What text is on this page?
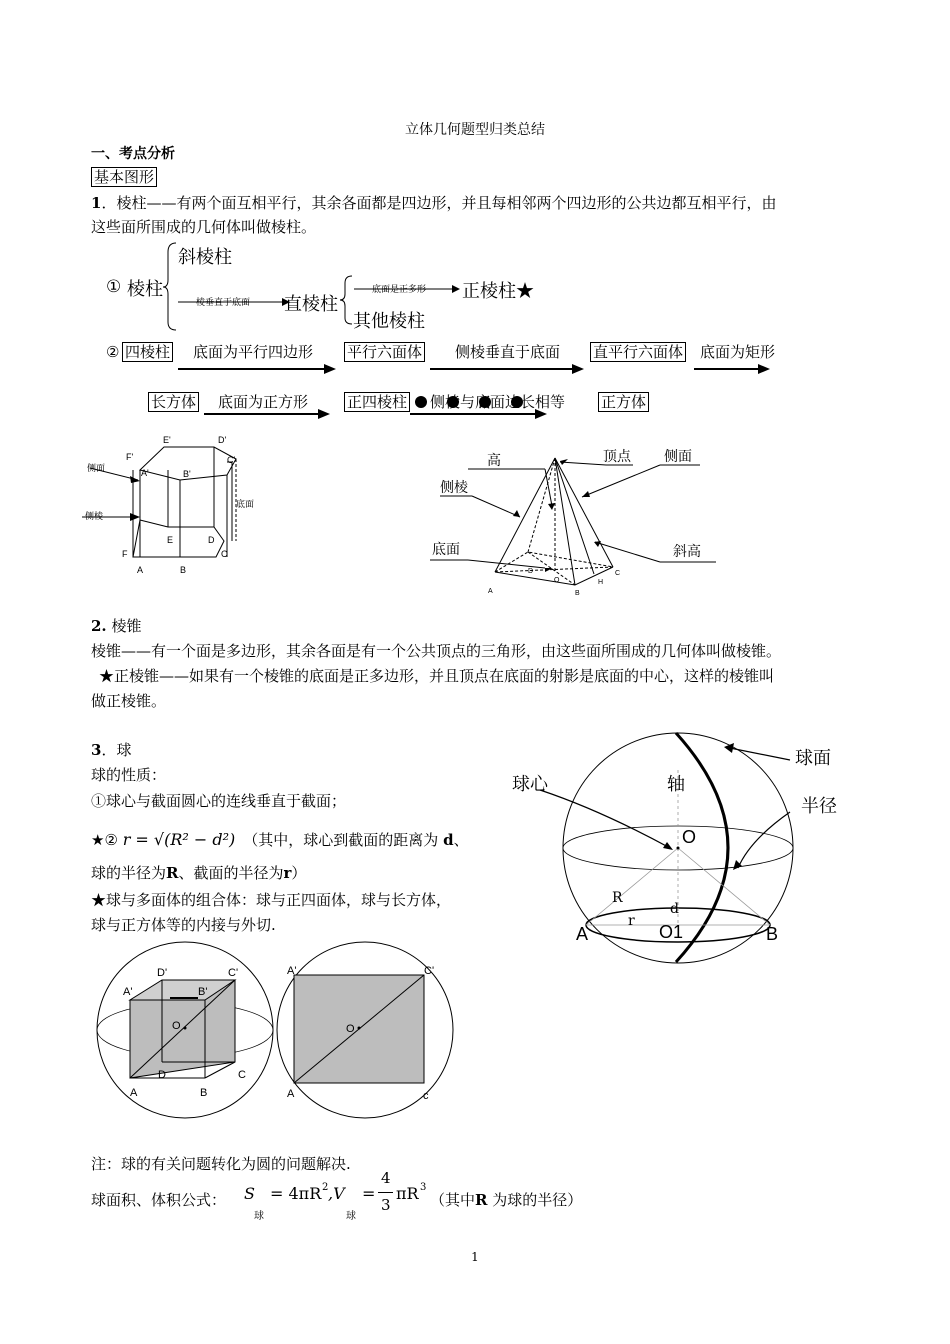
立体几何题型归类总结
一、考点分析
基本图形
1．棱柱——有两个面互相平行，其余各面都是四边形，并且每相邻两个四边形的公共边都互相平行，由
这些面所围成的几何体叫做棱柱。
① 棱柱
斜棱柱
棱垂直于底面 直棱柱
底面是正多形 正棱柱★
其他棱柱
② 四棱柱 底面为平行四边形 平行六面体 侧棱垂直于底面 直平行六面体 底面为矩形
长方体 底面为正方形	正四棱柱 侧棱与底面边长相等 正方体
E'	D'
F'	C'
A'	B'
E	D
F	C
A	B
侧面
侧棱
底面
高	顶点 侧面
侧棱
底面	斜高
D
O	H
C
A	B
2. 棱锥
棱锥——有一个面是多边形，其余各面是有一个公共顶点的三角形，由这些面所围成的几何体叫做棱锥。
★正棱锥——如果有一个棱锥的底面是正多边形，并且顶点在底面的射影是底面的中心，这样的棱锥叫
做正棱锥。
3．球
球的性质：
①球心与截面圆心的连线垂直于截面；
★② r = √(R² − d²) （其中，球心到截面的距离为 d、
球的半径为R、截面的半径为r）
★球与多面体的组合体：球与正四面体，球与长方体，
球与正方体等的内接与外切.
球面
球心	轴
半径
O
R
d
r
A	O1	B
D'	C'
A'	B'
O
D	C
A	B
A'	C'
O
A	c
注：球的有关问题转化为圆的问题解决.
球面积、体积公式： S
球
= 4πR 2 ,V
球
=
4
3
πR 3
（其中R 为球的半径）
1
